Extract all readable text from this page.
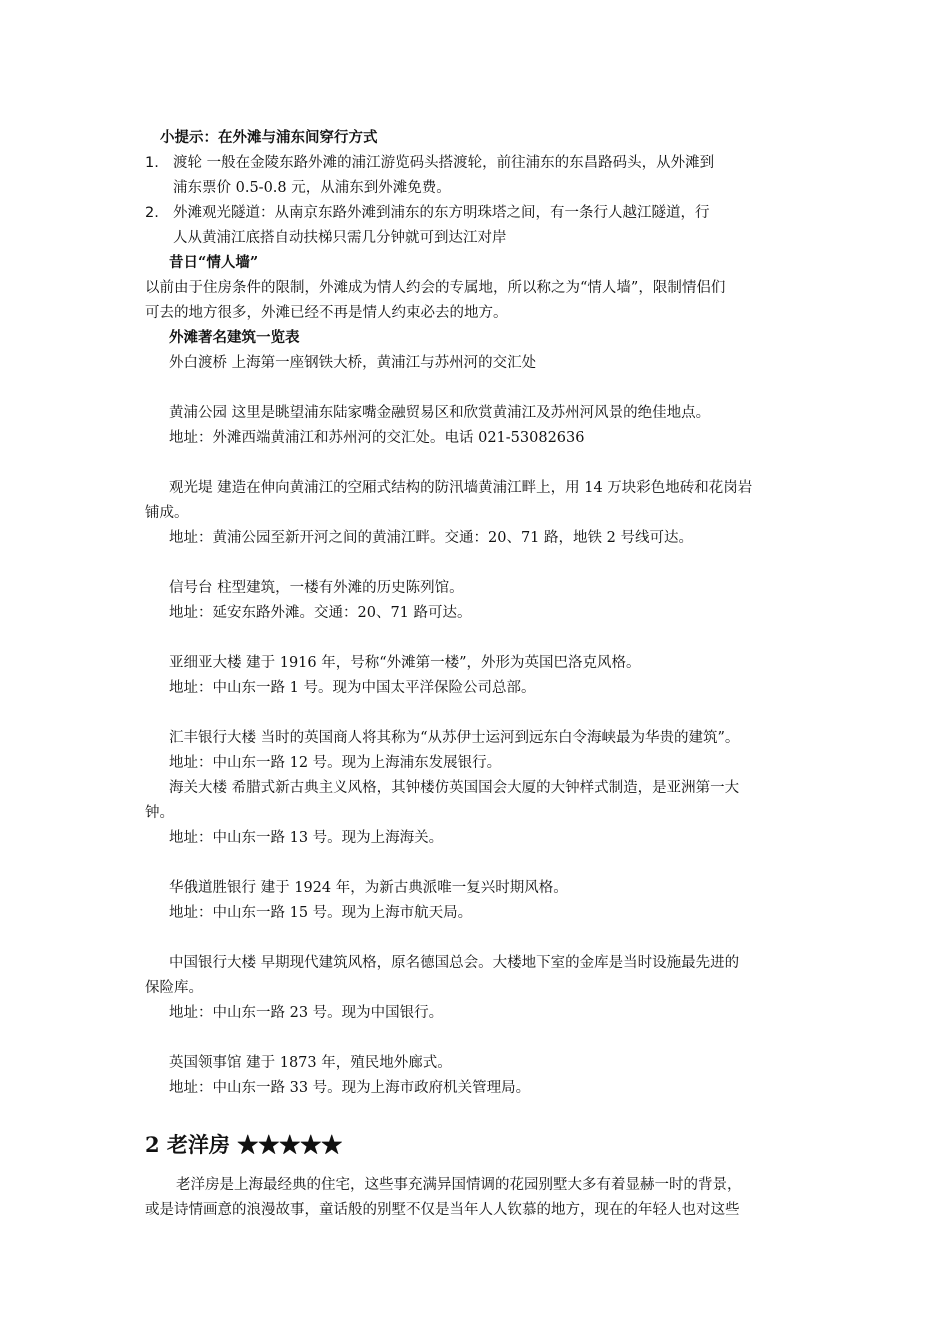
小提示：在外滩与浦东间穿行方式
1. 渡轮 一般在金陵东路外滩的浦江游览码头搭渡轮，前往浦东的东昌路码头，从外滩到
浦东票价 0.5-0.8 元，从浦东到外滩免费。
2. 外滩观光隧道：从南京东路外滩到浦东的东方明珠塔之间，有一条行人越江隧道，行
人从黄浦江底搭自动扶梯只需几分钟就可到达江对岸
昔日“情人墙”
以前由于住房条件的限制，外滩成为情人约会的专属地，所以称之为“情人墙”，限制情侣们
可去的地方很多，外滩已经不再是情人约束必去的地方。
外滩著名建筑一览表
外白渡桥 上海第一座钢铁大桥，黄浦江与苏州河的交汇处
黄浦公园 这里是眺望浦东陆家嘴金融贸易区和欣赏黄浦江及苏州河风景的绝佳地点。
地址：外滩西端黄浦江和苏州河的交汇处。电话 021-53082636
观光堤 建造在伸向黄浦江的空厢式结构的防汛墙黄浦江畔上，用 14 万块彩色地砖和花岗岩
铺成。
地址：黄浦公园至新开河之间的黄浦江畔。交通：20、71 路，地铁 2 号线可达。
信号台 柱型建筑，一楼有外滩的历史陈列馆。
地址：延安东路外滩。交通：20、71 路可达。
亚细亚大楼 建于 1916 年，号称“外滩第一楼”，外形为英国巴洛克风格。
地址：中山东一路 1 号。现为中国太平洋保险公司总部。
汇丰银行大楼 当时的英国商人将其称为“从苏伊士运河到远东白令海峡最为华贵的建筑”。
地址：中山东一路 12 号。现为上海浦东发展银行。
海关大楼 希腊式新古典主义风格，其钟楼仿英国国会大厦的大钟样式制造，是亚洲第一大
钟。
地址：中山东一路 13 号。现为上海海关。
华俄道胜银行 建于 1924 年，为新古典派唯一复兴时期风格。
地址：中山东一路 15 号。现为上海市航天局。
中国银行大楼 早期现代建筑风格，原名德国总会。大楼地下室的金库是当时设施最先进的
保险库。
地址：中山东一路 23 号。现为中国银行。
英国领事馆 建于 1873 年，殖民地外廊式。
地址：中山东一路 33 号。现为上海市政府机关管理局。
2 老洋房 ★★★★★
老洋房是上海最经典的住宅，这些事充满异国情调的花园别墅大多有着显赫一时的背景，
或是诗情画意的浪漫故事，童话般的别墅不仅是当年人人钦慕的地方，现在的年轻人也对这些
